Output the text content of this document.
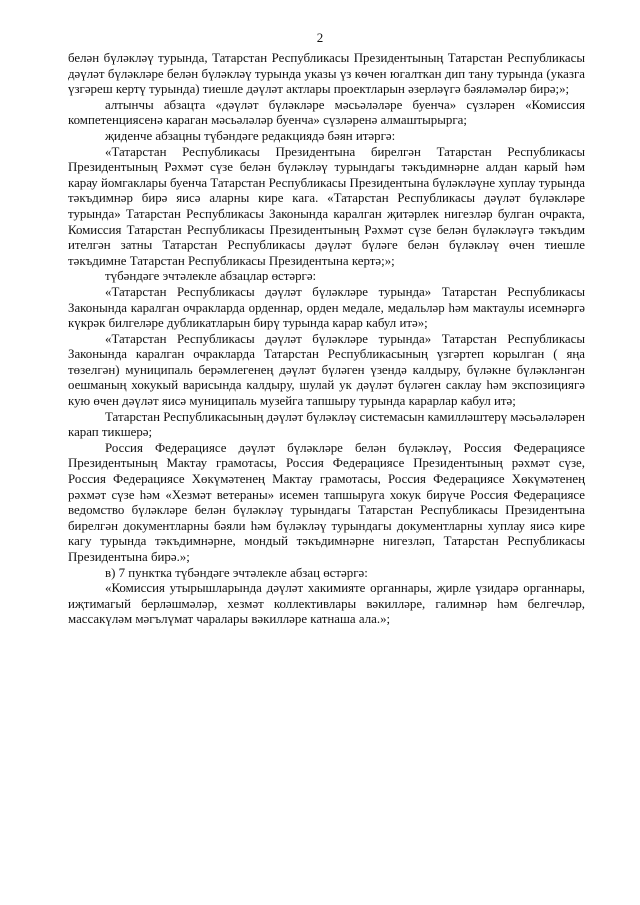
2

белән бүләкләү турында, Татарстан Республикасы Президентының Татарстан Республикасы дәүләт бүләкләре белән бүләкләү турында указы үз көчен югалткан дип тану турында (указга үзгәреш кертү турында) тиешле дәүләт актлары проектларын әзерләүгә бәяләмәләр бирә;»;

алтынчы абзацта «дәүләт бүләкләре мәсьәләләре буенча» сүзләрен «Комиссия компетенциясенә караган мәсьәләләр буенча» сүзләренә алмаштырырга;

җиденче абзацны түбәндәге редакциядә бәян итәргә:

«Татарстан Республикасы Президентына бирелгән Татарстан Республикасы Президентының Рәхмәт сүзе белән бүләкләү турындагы тәкъдимнәрне алдан карый һәм карау йомгаклары буенча Татарстан Республикасы Президентына бүләкләүне хуплау турында тәкъдимнәр бирә яисә аларны кире кага. «Татарстан Республикасы дәүләт бүләкләре турында» Татарстан Республикасы Законында каралган җитәрлек нигезләр булган очракта, Комиссия Татарстан Республикасы Президентының Рәхмәт сүзе белән бүләкләүгә тәкъдим ителгән затны Татарстан Республикасы дәүләт бүләге белән бүләкләү өчен тиешле тәкъдимне Татарстан Республикасы Президентына кертә;»;

түбәндәге эчтәлекле абзацлар өстәргә:

«Татарстан Республикасы дәүләт бүләкләре турында» Татарстан Республикасы Законында каралган очракларда орденнар, орден медале, медальләр һәм мактаулы исемнәргә күкрәк билгеләре дубликатларын бирү турында карар кабул итә»;

«Татарстан Республикасы дәүләт бүләкләре турында» Татарстан Республикасы Законында каралган очракларда Татарстан Республикасының үзгәртеп корылган ( яңа төзелгән) муниципаль берәмлегенең дәүләт бүләген үзендә калдыру, бүләкне бүләкләнгән оешманың хокукый варисында калдыру, шулай ук дәүләт бүләген саклау һәм экспозициягә кую өчен дәүләт яисә муниципаль музейга тапшыру турында карарлар кабул итә;

Татарстан Республикасының дәүләт бүләкләү системасын камилләштерү мәсьәләләрен карап тикшерә;

Россия Федерациясе дәүләт бүләкләре белән бүләкләү, Россия Федерациясе Президентының Мактау грамотасы, Россия Федерациясе Президентының рәхмәт сүзе, Россия Федерациясе Хөкүмәтенең Мактау грамотасы, Россия Федерациясе Хөкүмәтенең рәхмәт сүзе һәм «Хезмәт ветераны» исемен тапшыруга хокук бирүче Россия Федерациясе ведомство бүләкләре белән бүләкләү турындагы Татарстан Республикасы Президентына бирелгән документларны бәяли һәм бүләкләү турындагы документларны хуплау яисә кире кагу турында тәкъдимнәрне, мондый тәкъдимнәрне нигезләп, Татарстан Республикасы Президентына бирә.»;

в) 7 пунктка түбәндәге эчтәлекле абзац өстәргә:

«Комиссия утырышларында дәүләт хакимияте органнары, җирле үзидарә органнары, иҗтимагый берләшмәләр, хезмәт коллективлары вәкилләре, галимнәр һәм белгечләр, массакүләм мәгълүмат чаралары вәкилләре катнаша ала.»;
